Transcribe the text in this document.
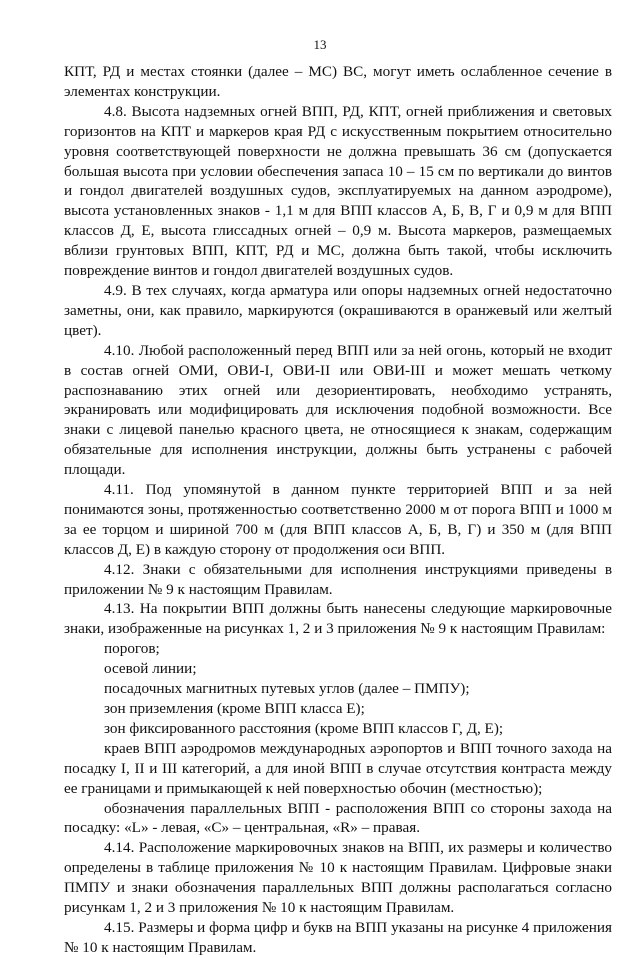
13

КПТ, РД и местах стоянки (далее – МС) ВС, могут иметь ослабленное сечение в элементах конструкции.

4.8. Высота надземных огней ВПП, РД, КПТ, огней приближения и световых горизонтов на КПТ и маркеров края РД с искусственным покрытием относительно уровня соответствующей поверхности не должна превышать 36 см (допускается большая высота при условии обеспечения запаса 10 – 15 см по вертикали до винтов и гондол двигателей воздушных судов, эксплуатируемых на данном аэродроме), высота установленных знаков - 1,1 м для ВПП классов А, Б, В, Г и 0,9 м для ВПП классов Д, Е, высота глиссадных огней – 0,9 м. Высота маркеров, размещаемых вблизи грунтовых ВПП, КПТ, РД и МС, должна быть такой, чтобы исключить повреждение винтов и гондол двигателей воздушных судов.

4.9. В тех случаях, когда арматура или опоры надземных огней недостаточно заметны, они, как правило, маркируются (окрашиваются в оранжевый или желтый цвет).

4.10. Любой расположенный перед ВПП или за ней огонь, который не входит в состав огней ОМИ, ОВИ-I, ОВИ-II или ОВИ-III и может мешать четкому распознаванию этих огней или дезориентировать, необходимо устранять, экранировать или модифицировать для исключения подобной возможности. Все знаки с лицевой панелью красного цвета, не относящиеся к знакам, содержащим обязательные для исполнения инструкции, должны быть устранены с рабочей площади.

4.11. Под упомянутой в данном пункте территорией ВПП и за ней понимаются зоны, протяженностью соответственно 2000 м от порога ВПП и 1000 м за ее торцом и шириной 700 м (для ВПП классов А, Б, В, Г) и 350 м (для ВПП классов Д, Е) в каждую сторону от продолжения оси ВПП.

4.12. Знаки с обязательными для исполнения инструкциями приведены в приложении № 9 к настоящим Правилам.

4.13. На покрытии ВПП должны быть нанесены следующие маркировочные знаки, изображенные на рисунках 1, 2 и 3 приложения № 9 к настоящим Правилам:

порогов;

осевой линии;

посадочных магнитных путевых углов (далее – ПМПУ);

зон приземления (кроме ВПП класса Е);

зон фиксированного расстояния (кроме ВПП классов Г, Д, Е);

краев ВПП аэродромов международных аэропортов и ВПП точного захода на посадку I, II и III категорий, а для иной ВПП в случае отсутствия контраста между ее границами и примыкающей к ней поверхностью обочин (местностью);

обозначения параллельных ВПП - расположения ВПП со стороны захода на посадку: «L» - левая, «C» – центральная, «R» – правая.

4.14. Расположение маркировочных знаков на ВПП, их размеры и количество определены в таблице приложения № 10 к настоящим Правилам. Цифровые знаки ПМПУ и знаки обозначения параллельных ВПП должны располагаться согласно рисункам 1, 2 и 3 приложения № 10 к настоящим Правилам.

4.15. Размеры и форма цифр и букв на ВПП указаны на рисунке 4 приложения № 10 к настоящим Правилам.
